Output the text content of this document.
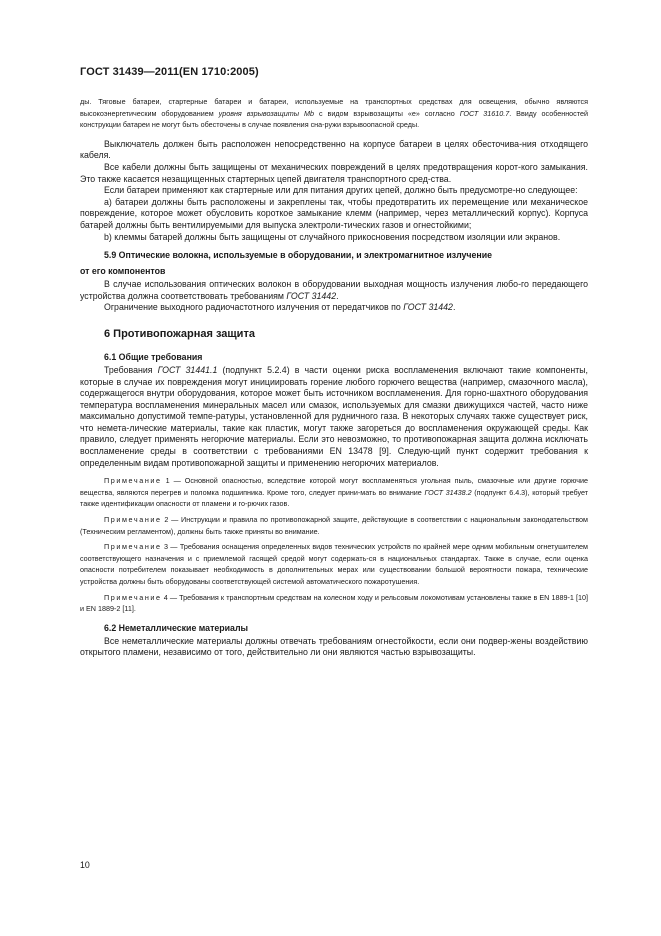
ГОСТ 31439—2011(EN 1710:2005)

ды. Тяговые батареи, стартерные батареи и батареи, используемые на транспортных средствах для освещения, обычно являются высокоэнергетическим оборудованием уровня взрывозащиты Mb с видом взрывозащиты «е» согласно ГОСТ 31610.7. Ввиду особенностей конструкции батареи не могут быть обесточены в случае появления сна-ружи взрывоопасной среды.

Выключатель должен быть расположен непосредственно на корпусе батареи в целях обесточива-ния отходящего кабеля.

Все кабели должны быть защищены от механических повреждений в целях предотвращения корот-кого замыкания. Это также касается незащищенных стартерных цепей двигателя транспортного сред-ства.

Если батареи применяют как стартерные или для питания других цепей, должно быть предусмотре-но следующее:

а) батареи должны быть расположены и закреплены так, чтобы предотвратить их перемещение или механическое повреждение, которое может обусловить короткое замыкание клемм (например, через металлический корпус). Корпуса батарей должны быть вентилируемыми для выпуска электроли-тических газов и огнестойкими;

b) клеммы батарей должны быть защищены от случайного прикосновения посредством изоляции или экранов.

5.9 Оптические волокна, используемые в оборудовании, и электромагнитное излучение

от его компонентов

В случае использования оптических волокон в оборудовании выходная мощность излучения любо-го передающего устройства должна соответствовать требованиям ГОСТ 31442.

Ограничение выходного радиочастотного излучения от передатчиков по ГОСТ 31442.

6 Противопожарная защита

6.1 Общие требования

Требования ГОСТ 31441.1 (подпункт 5.2.4) в части оценки риска воспламенения включают такие компоненты, которые в случае их повреждения могут инициировать горение любого горючего вещества (например, смазочного масла), содержащегося внутри оборудования, которое может быть источником воспламенения. Для горно-шахтного оборудования температура воспламенения минеральных масел или смазок, используемых для смазки движущихся частей, часто ниже максимально допустимой темпе-ратуры, установленной для рудничного газа. В некоторых случаях также существует риск, что немета-лические материалы, такие как пластик, могут также загореться до воспламенения окружающей среды. Как правило, следует применять негорючие материалы. Если это невозможно, то противопожарная защита должна исключать воспламенение среды в соответствии с требованиями EN 13478 [9]. Следую-щий пункт содержит требования к определенным видам противопожарной защиты и применению негорючих материалов.

Примечание 1 — Основной опасностью, вследствие которой могут воспламеняться угольная пыль, смазочные или другие горючие вещества, являются перегрев и поломка подшипника. Кроме того, следует прини-мать во внимание ГОСТ 31438.2 (подпункт 6.4.3), который требует также идентификации опасности от пламени и го-рючих газов.

Примечание 2 — Инструкции и правила по противопожарной защите, действующие в соответствии с национальным законодательством (Техническим регламентом), должны быть также приняты во внимание.

Примечание 3 — Требования оснащения определенных видов технических устройств по крайней мере одним мобильным огнетушителем соответствующего назначения и с приемлемой гасящей средой могут содержать-ся в национальных стандартах. Также в случае, если оценка опасности потребителем показывает необходимость в дополнительных мерах или существовании большой вероятности пожара, технические устройства должны быть оборудованы соответствующей системой автоматического пожаротушения.

Примечание 4 — Требования к транспортным средствам на колесном ходу и рельсовым локомотивам установлены также в EN 1889-1 [10] и EN 1889-2 [11].

6.2 Неметаллические материалы

Все неметаллические материалы должны отвечать требованиям огнестойкости, если они подвер-жены воздействию открытого пламени, независимо от того, действительно ли они являются частью взрывозащиты.

10
